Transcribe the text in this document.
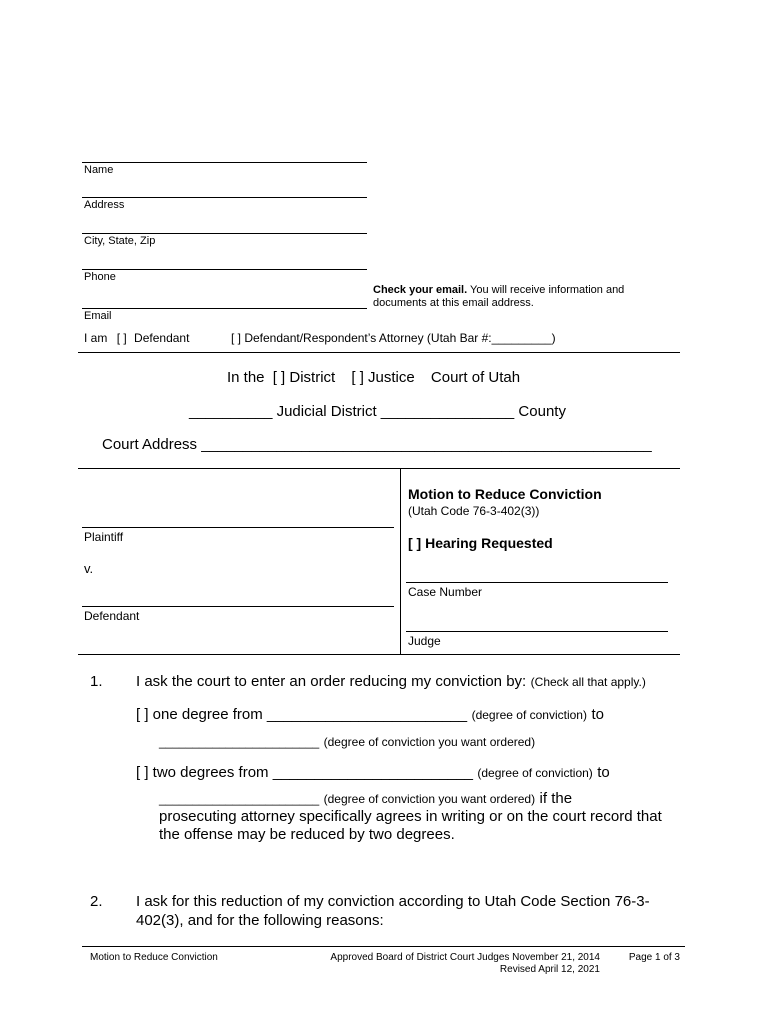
Name
Address
City, State, Zip
Phone
Email
Check your email. You will receive information and
documents at this email address.
I am [ ] Defendant	[ ] Defendant/Respondent’s Attorney (Utah Bar #:_________)
In the [ ] District [ ] Justice Court of Utah
__________ Judicial District ________________ County
Court Address ______________________________________________________
Plaintiff
v.
Defendant
Motion to Reduce Conviction
(Utah Code 76-3-402(3))
[ ] Hearing Requested
Case Number
Judge
1. I ask the court to enter an order reducing my conviction by: (Check all that apply.)
[ ] one degree from ________________________ (degree of conviction) to
________________________ (degree of conviction you want ordered)
[ ] two degrees from ________________________ (degree of conviction) to
________________________ (degree of conviction you want ordered) if the
prosecuting attorney specifically agrees in writing or on the court record that
the offense may be reduced by two degrees.
2. I ask for this reduction of my conviction according to Utah Code Section 76-3-
402(3), and for the following reasons:
Motion to Reduce Conviction	Approved Board of District Court Judges November 21, 2014
Revised April 12, 2021
Page 1 of 3
